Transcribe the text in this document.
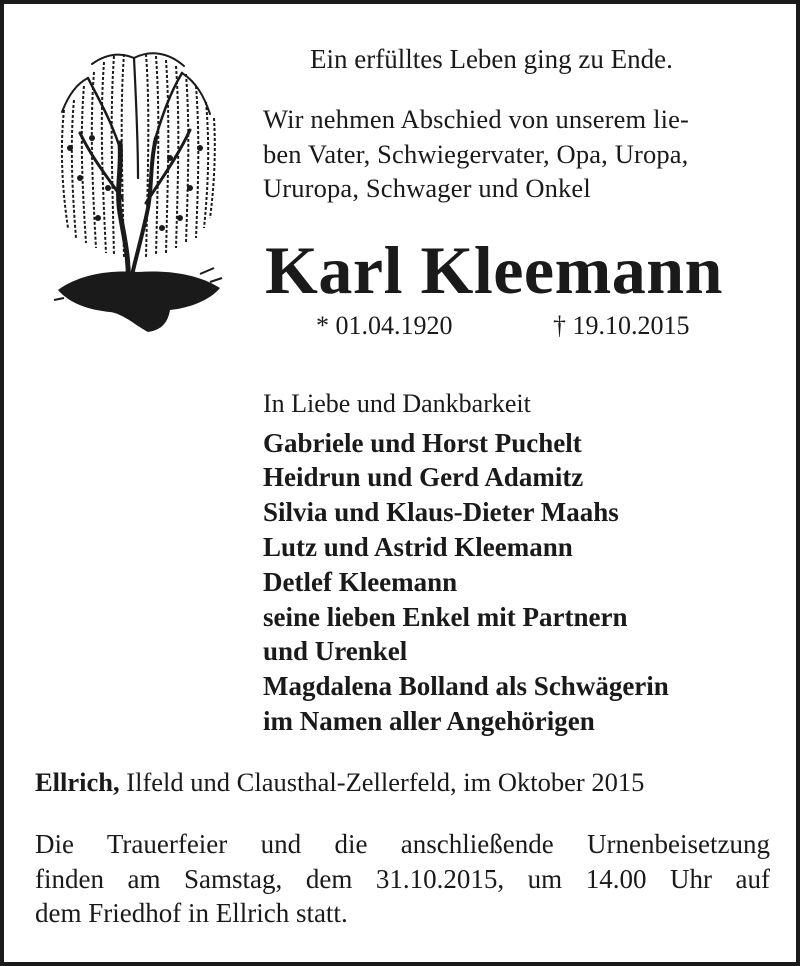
Ein erfülltes Leben ging zu Ende.
Wir nehmen Abschied von unserem lie-
ben Vater, Schwiegervater, Opa, Uropa,
Ururopa, Schwager und Onkel
Karl Kleemann
* 01.04.1920	† 19.10.2015
In Liebe und Dankbarkeit
Gabriele und Horst Puchelt
Heidrun und Gerd Adamitz
Silvia und Klaus-Dieter Maahs
Lutz und Astrid Kleemann
Detlef Kleemann
seine lieben Enkel mit Partnern
und Urenkel
Magdalena Bolland als Schwägerin
im Namen aller Angehörigen
Ellrich, Ilfeld und Clausthal-Zellerfeld, im Oktober 2015
Die Trauerfeier und die anschließende Urnenbeisetzung
finden am Samstag, dem 31.10.2015, um 14.00 Uhr auf
dem Friedhof in Ellrich statt.
